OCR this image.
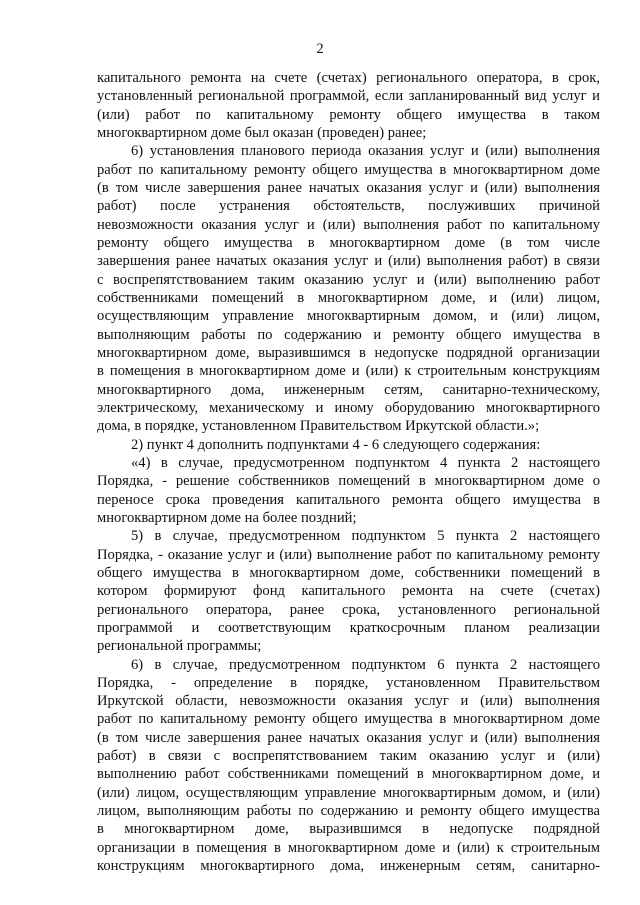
2
капитального ремонта на счете (счетах) регионального оператора, в срок,
установленный региональной программой, если запланированный вид услуг и
(или) работ по капитальному ремонту общего имущества в таком
многоквартирном доме был оказан (проведен) ранее;
6) установления планового периода оказания услуг и (или) выполнения
работ по капитальному ремонту общего имущества в многоквартирном доме
(в том числе завершения ранее начатых оказания услуг и (или) выполнения
работ) после устранения обстоятельств, послуживших причиной
невозможности оказания услуг и (или) выполнения работ по капитальному
ремонту общего имущества в многоквартирном доме (в том числе
завершения ранее начатых оказания услуг и (или) выполнения работ) в связи
с воспрепятствованием таким оказанию услуг и (или) выполнению работ
собственниками помещений в многоквартирном доме, и (или) лицом,
осуществляющим управление многоквартирным домом, и (или) лицом,
выполняющим работы по содержанию и ремонту общего имущества в
многоквартирном доме, выразившимся в недопуске подрядной организации
в помещения в многоквартирном доме и (или) к строительным конструкциям
многоквартирного дома, инженерным сетям, санитарно-техническому,
электрическому, механическому и иному оборудованию многоквартирного
дома, в порядке, установленном Правительством Иркутской области.»;
2) пункт 4 дополнить подпунктами 4 - 6 следующего содержания:
«4) в случае, предусмотренном подпунктом 4 пункта 2 настоящего
Порядка, - решение собственников помещений в многоквартирном доме о
переносе срока проведения капитального ремонта общего имущества в
многоквартирном доме на более поздний;
5) в случае, предусмотренном подпунктом 5 пункта 2 настоящего
Порядка, - оказание услуг и (или) выполнение работ по капитальному ремонту
общего имущества в многоквартирном доме, собственники помещений в
котором формируют фонд капитального ремонта на счете (счетах)
регионального оператора, ранее срока, установленного региональной
программой и соответствующим краткосрочным планом реализации
региональной программы;
6) в случае, предусмотренном подпунктом 6 пункта 2 настоящего
Порядка, - определение в порядке, установленном Правительством
Иркутской области, невозможности оказания услуг и (или) выполнения
работ по капитальному ремонту общего имущества в многоквартирном доме
(в том числе завершения ранее начатых оказания услуг и (или) выполнения
работ) в связи с воспрепятствованием таким оказанию услуг и (или)
выполнению работ собственниками помещений в многоквартирном доме, и
(или) лицом, осуществляющим управление многоквартирным домом, и (или)
лицом, выполняющим работы по содержанию и ремонту общего имущества
в многоквартирном доме, выразившимся в недопуске подрядной
организации в помещения в многоквартирном доме и (или) к строительным
конструкциям многоквартирного дома, инженерным сетям, санитарно-
